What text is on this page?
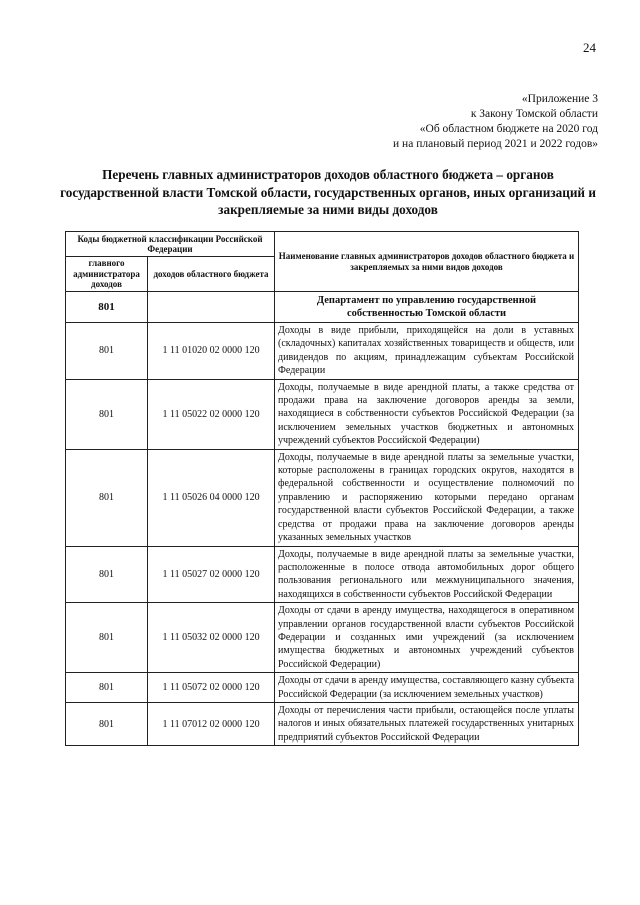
24
«Приложение 3
к Закону Томской области
«Об областном бюджете на 2020 год
и на плановый период 2021 и 2022 годов»
Перечень главных администраторов доходов областного бюджета – органов государственной власти Томской области, государственных органов, иных организаций и закрепляемые за ними виды доходов
Коды бюджетной классификации Российской Федерации		Наименование главных администраторов доходов областного бюджета и закрепляемых за ними видов доходов
главного администратора доходов	доходов областного бюджета	
801		Департамент по управлению государственной собственностью Томской области
801	1 11 01020 02 0000 120	Доходы в виде прибыли, приходящейся на доли в уставных (складочных) капиталах хозяйственных товариществ и обществ, или дивидендов по акциям, принадлежащим субъектам Российской Федерации
801	1 11 05022 02 0000 120	Доходы, получаемые в виде арендной платы, а также средства от продажи права на заключение договоров аренды за земли, находящиеся в собственности субъектов Российской Федерации (за исключением земельных участков бюджетных и автономных учреждений субъектов Российской Федерации)
801	1 11 05026 04 0000 120	Доходы, получаемые в виде арендной платы за земельные участки, которые расположены в границах городских округов, находятся в федеральной собственности и осуществление полномочий по управлению и распоряжению которыми передано органам государственной власти субъектов Российской Федерации, а также средства от продажи права на заключение договоров аренды указанных земельных участков
801	1 11 05027 02 0000 120	Доходы, получаемые в виде арендной платы за земельные участки, расположенные в полосе отвода автомобильных дорог общего пользования регионального или межмуниципального значения, находящихся в собственности субъектов Российской Федерации
801	1 11 05032 02 0000 120	Доходы от сдачи в аренду имущества, находящегося в оперативном управлении органов государственной власти субъектов Российской Федерации и созданных ими учреждений (за исключением имущества бюджетных и автономных учреждений субъектов Российской Федерации)
801	1 11 05072 02 0000 120	Доходы от сдачи в аренду имущества, составляющего казну субъекта Российской Федерации (за исключением земельных участков)
801	1 11 07012 02 0000 120	Доходы от перечисления части прибыли, остающейся после уплаты налогов и иных обязательных платежей государственных унитарных предприятий субъектов Российской Федерации
